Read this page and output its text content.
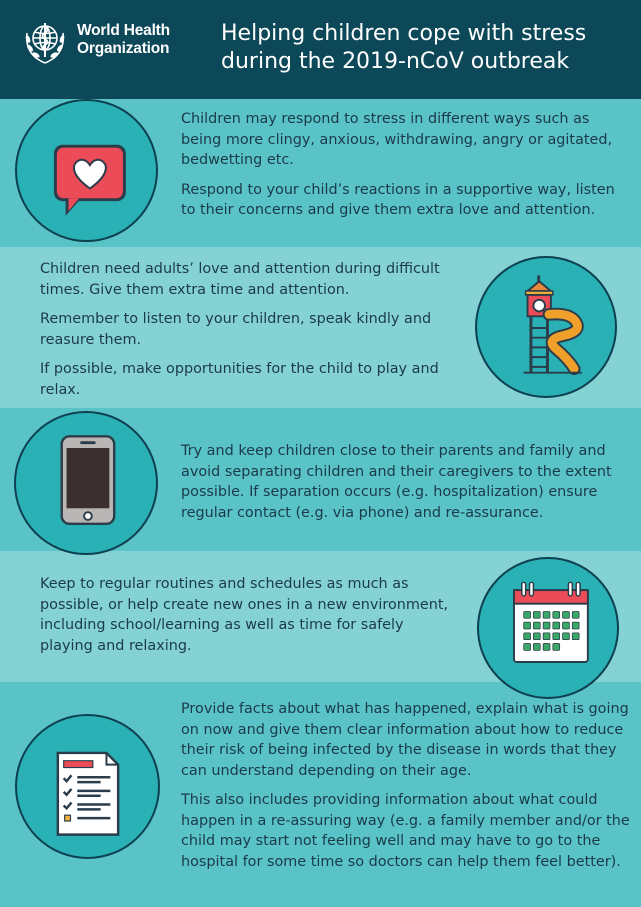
World Health
Organization
Helping children cope with stress
during the 2019-nCoV outbreak

Children may respond to stress in different ways such as being more clingy, anxious, withdrawing, angry or agitated, bedwetting etc.

Respond to your child’s reactions in a supportive way, listen to their concerns and give them extra love and attention.

Children need adults’ love and attention during difficult times. Give them extra time and attention.

Remember to listen to your children, speak kindly and reasure them.

If possible, make opportunities for the child to play and relax.

Try and keep children close to their parents and family and avoid separating children and their caregivers to the extent possible. If separation occurs (e.g. hospitalization) ensure regular contact (e.g. via phone) and re-assurance.

Keep to regular routines and schedules as much as possible, or help create new ones in a new environment, including school/learning as well as time for safely playing and relaxing.

Provide facts about what has happened, explain what is going on now and give them clear information about how to reduce their risk of being infected by the disease in words that they can understand depending on their age.

This also includes providing information about what could happen in a re-assuring way (e.g. a family member and/or the child may start not feeling well and may have to go to the hospital for some time so doctors can help them feel better).
